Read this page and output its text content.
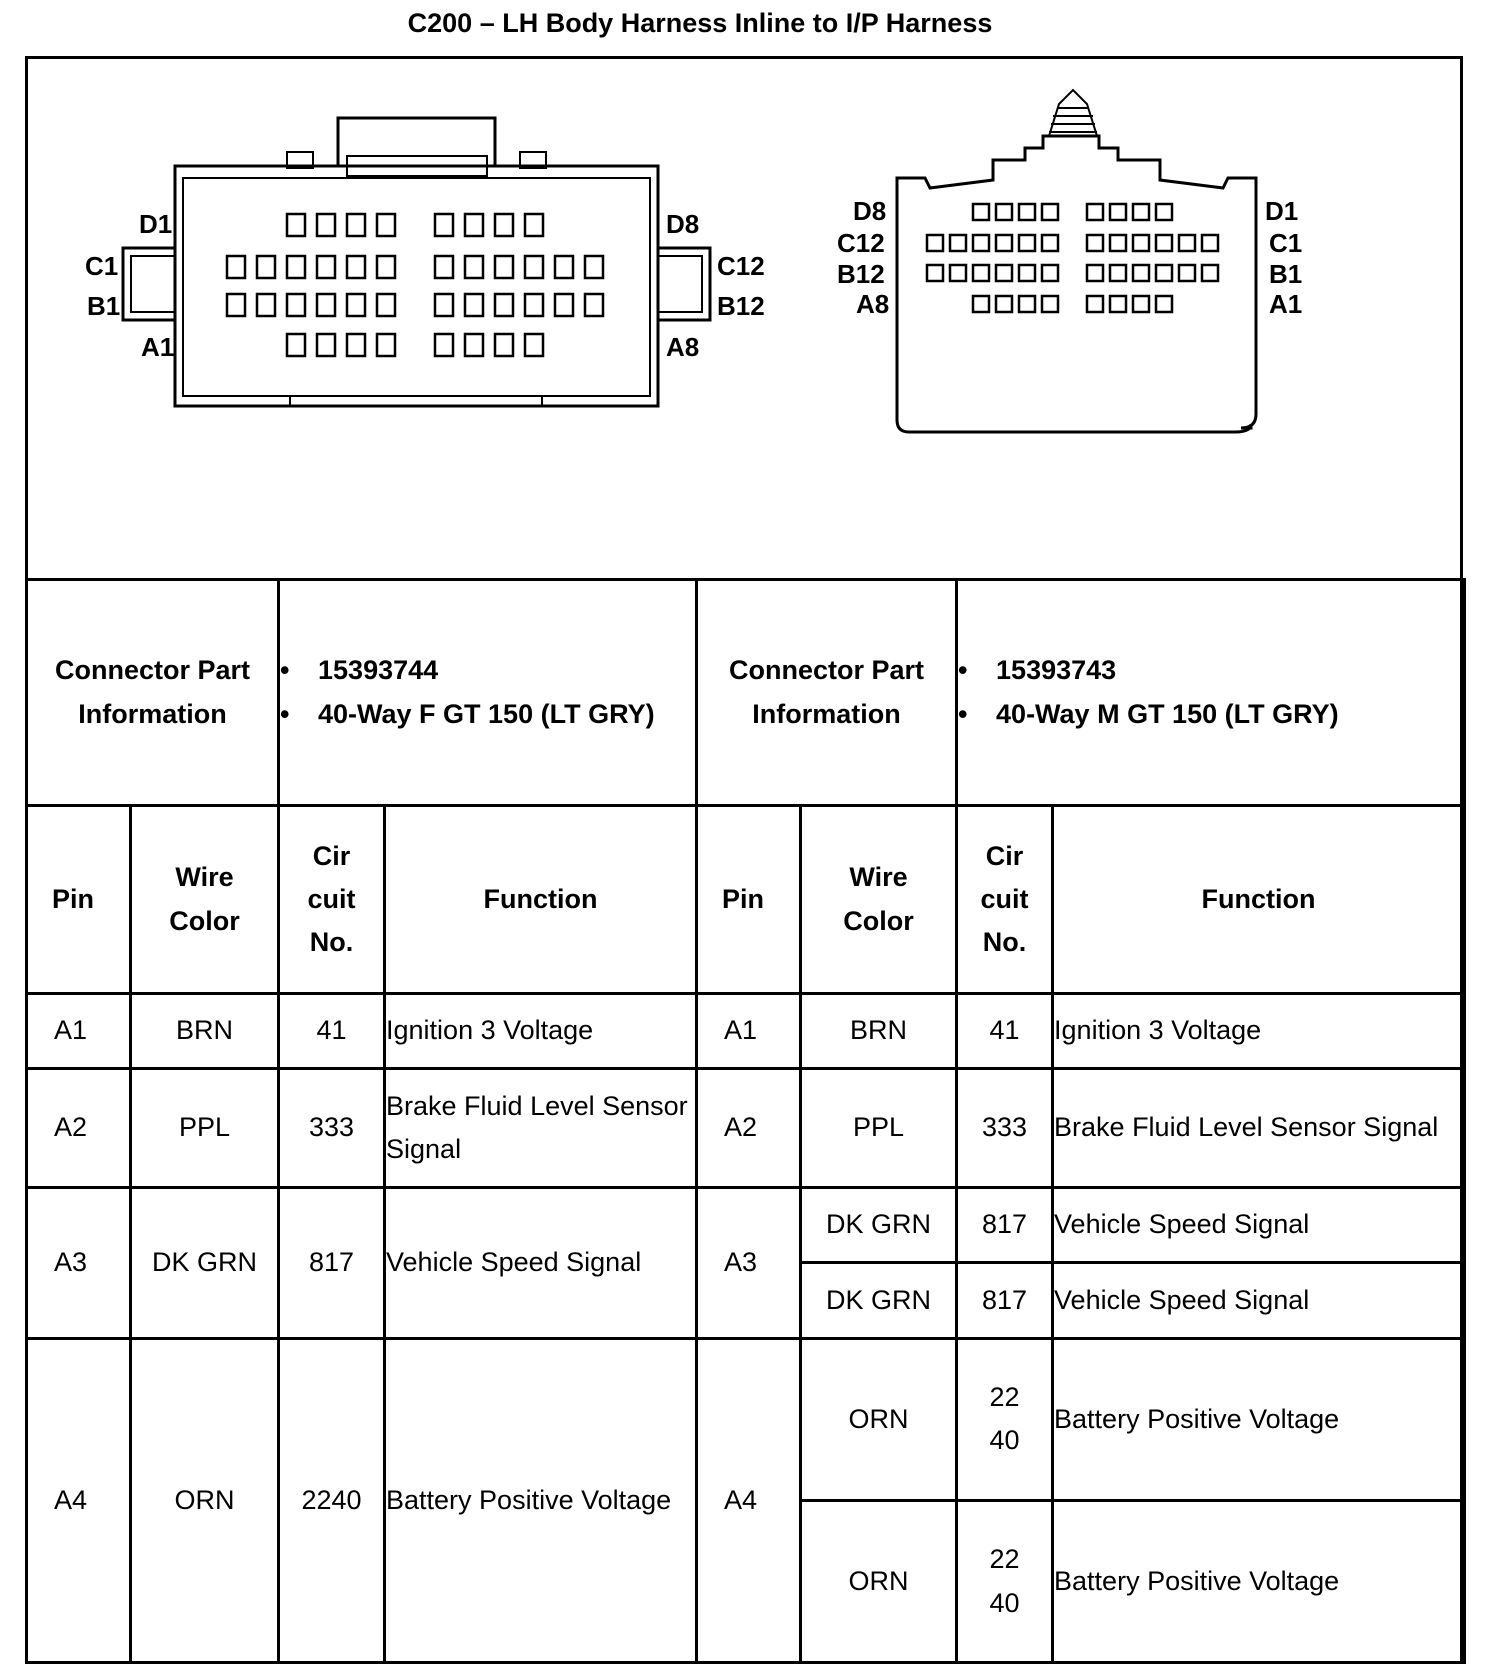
C200 – LH Body Harness Inline to I/P Harness
D1
C1
B1
A1
D8
C12
B12
A8
D8
C12
B12
A8
D1
C1
B1
A1
Connector Part Information		• 15393744
• 40-Way F GT 150 (LT GRY)		Connector Part Information		• 15393743
• 40-Way M GT 150 (LT GRY)

Pin	Wire Color	Cir cuit No.	Function	Pin	Wire Color	Cir cuit No.	Function
A1	BRN	41	Ignition 3 Voltage	A1	BRN	41	Ignition 3 Voltage
A2	PPL	333	Brake Fluid Level Sensor Signal	A2	PPL	333	Brake Fluid Level Sensor Signal
A3	DK GRN	817	Vehicle Speed Signal	A3	DK GRN	817	Vehicle Speed Signal
					DK GRN	817	Vehicle Speed Signal
A4	ORN	2240	Battery Positive Voltage	A4	ORN	22 40	Battery Positive Voltage
					ORN	22 40	Battery Positive Voltage
